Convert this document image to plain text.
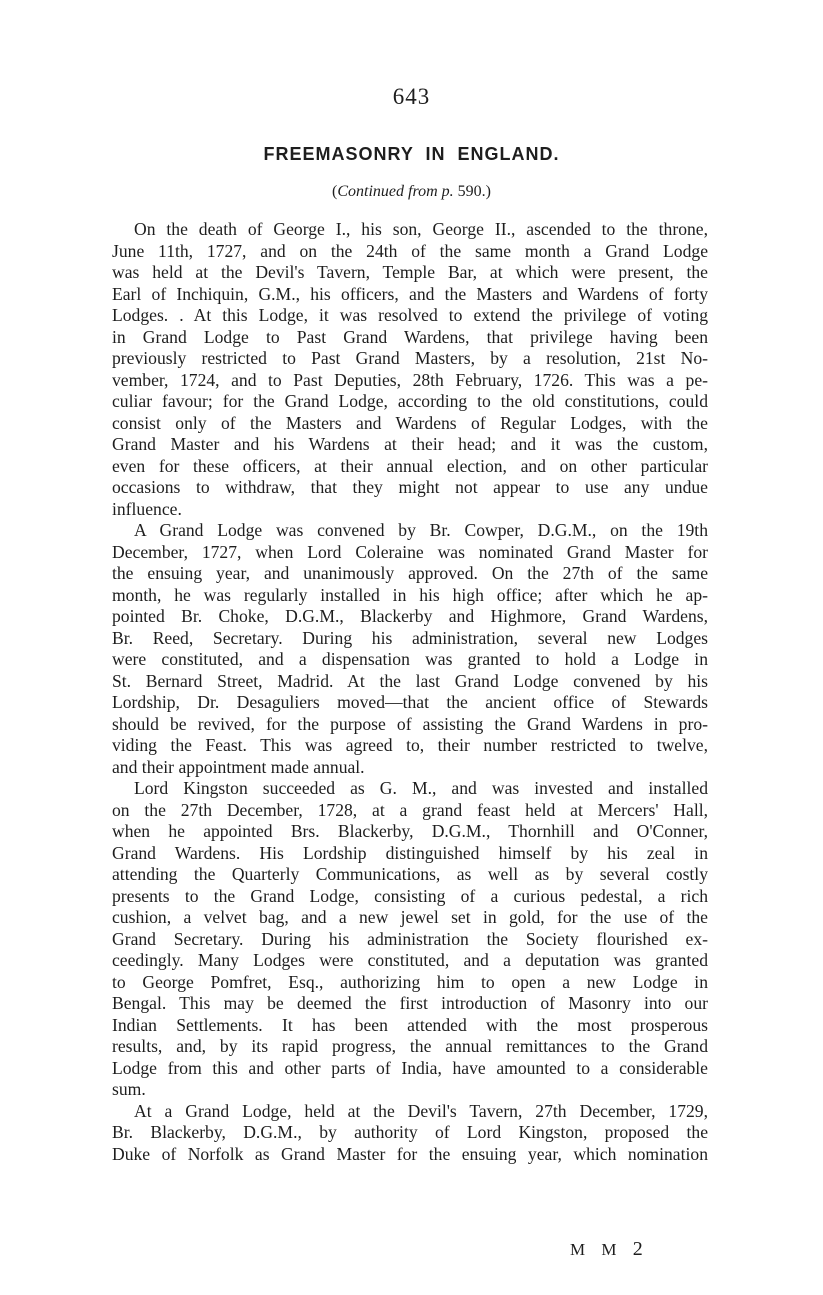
643
FREEMASONRY IN ENGLAND.
(Continued from p. 590.)
On the death of George I., his son, George II., ascended to the throne,
June 11th, 1727, and on the 24th of the same month a Grand Lodge
was held at the Devil's Tavern, Temple Bar, at which were present, the
Earl of Inchiquin, G.M., his officers, and the Masters and Wardens of forty
Lodges. . At this Lodge, it was resolved to extend the privilege of voting
in Grand Lodge to Past Grand Wardens, that privilege having been
previously restricted to Past Grand Masters, by a resolution, 21st No-
vember, 1724, and to Past Deputies, 28th February, 1726. This was a pe-
culiar favour; for the Grand Lodge, according to the old constitutions, could
consist only of the Masters and Wardens of Regular Lodges, with the
Grand Master and his Wardens at their head; and it was the custom,
even for these officers, at their annual election, and on other particular
occasions to withdraw, that they might not appear to use any undue
influence.
A Grand Lodge was convened by Br. Cowper, D.G.M., on the 19th
December, 1727, when Lord Coleraine was nominated Grand Master for
the ensuing year, and unanimously approved. On the 27th of the same
month, he was regularly installed in his high office; after which he ap-
pointed Br. Choke, D.G.M., Blackerby and Highmore, Grand Wardens,
Br. Reed, Secretary. During his administration, several new Lodges
were constituted, and a dispensation was granted to hold a Lodge in
St. Bernard Street, Madrid. At the last Grand Lodge convened by his
Lordship, Dr. Desaguliers moved—that the ancient office of Stewards
should be revived, for the purpose of assisting the Grand Wardens in pro-
viding the Feast. This was agreed to, their number restricted to twelve,
and their appointment made annual.
Lord Kingston succeeded as G. M., and was invested and installed
on the 27th December, 1728, at a grand feast held at Mercers' Hall,
when he appointed Brs. Blackerby, D.G.M., Thornhill and O'Conner,
Grand Wardens. His Lordship distinguished himself by his zeal in
attending the Quarterly Communications, as well as by several costly
presents to the Grand Lodge, consisting of a curious pedestal, a rich
cushion, a velvet bag, and a new jewel set in gold, for the use of the
Grand Secretary. During his administration the Society flourished ex-
ceedingly. Many Lodges were constituted, and a deputation was granted
to George Pomfret, Esq., authorizing him to open a new Lodge in
Bengal. This may be deemed the first introduction of Masonry into our
Indian Settlements. It has been attended with the most prosperous
results, and, by its rapid progress, the annual remittances to the Grand
Lodge from this and other parts of India, have amounted to a considerable
sum.
At a Grand Lodge, held at the Devil's Tavern, 27th December, 1729,
Br. Blackerby, D.G.M., by authority of Lord Kingston, proposed the
Duke of Norfolk as Grand Master for the ensuing year, which nomination
M M 2
